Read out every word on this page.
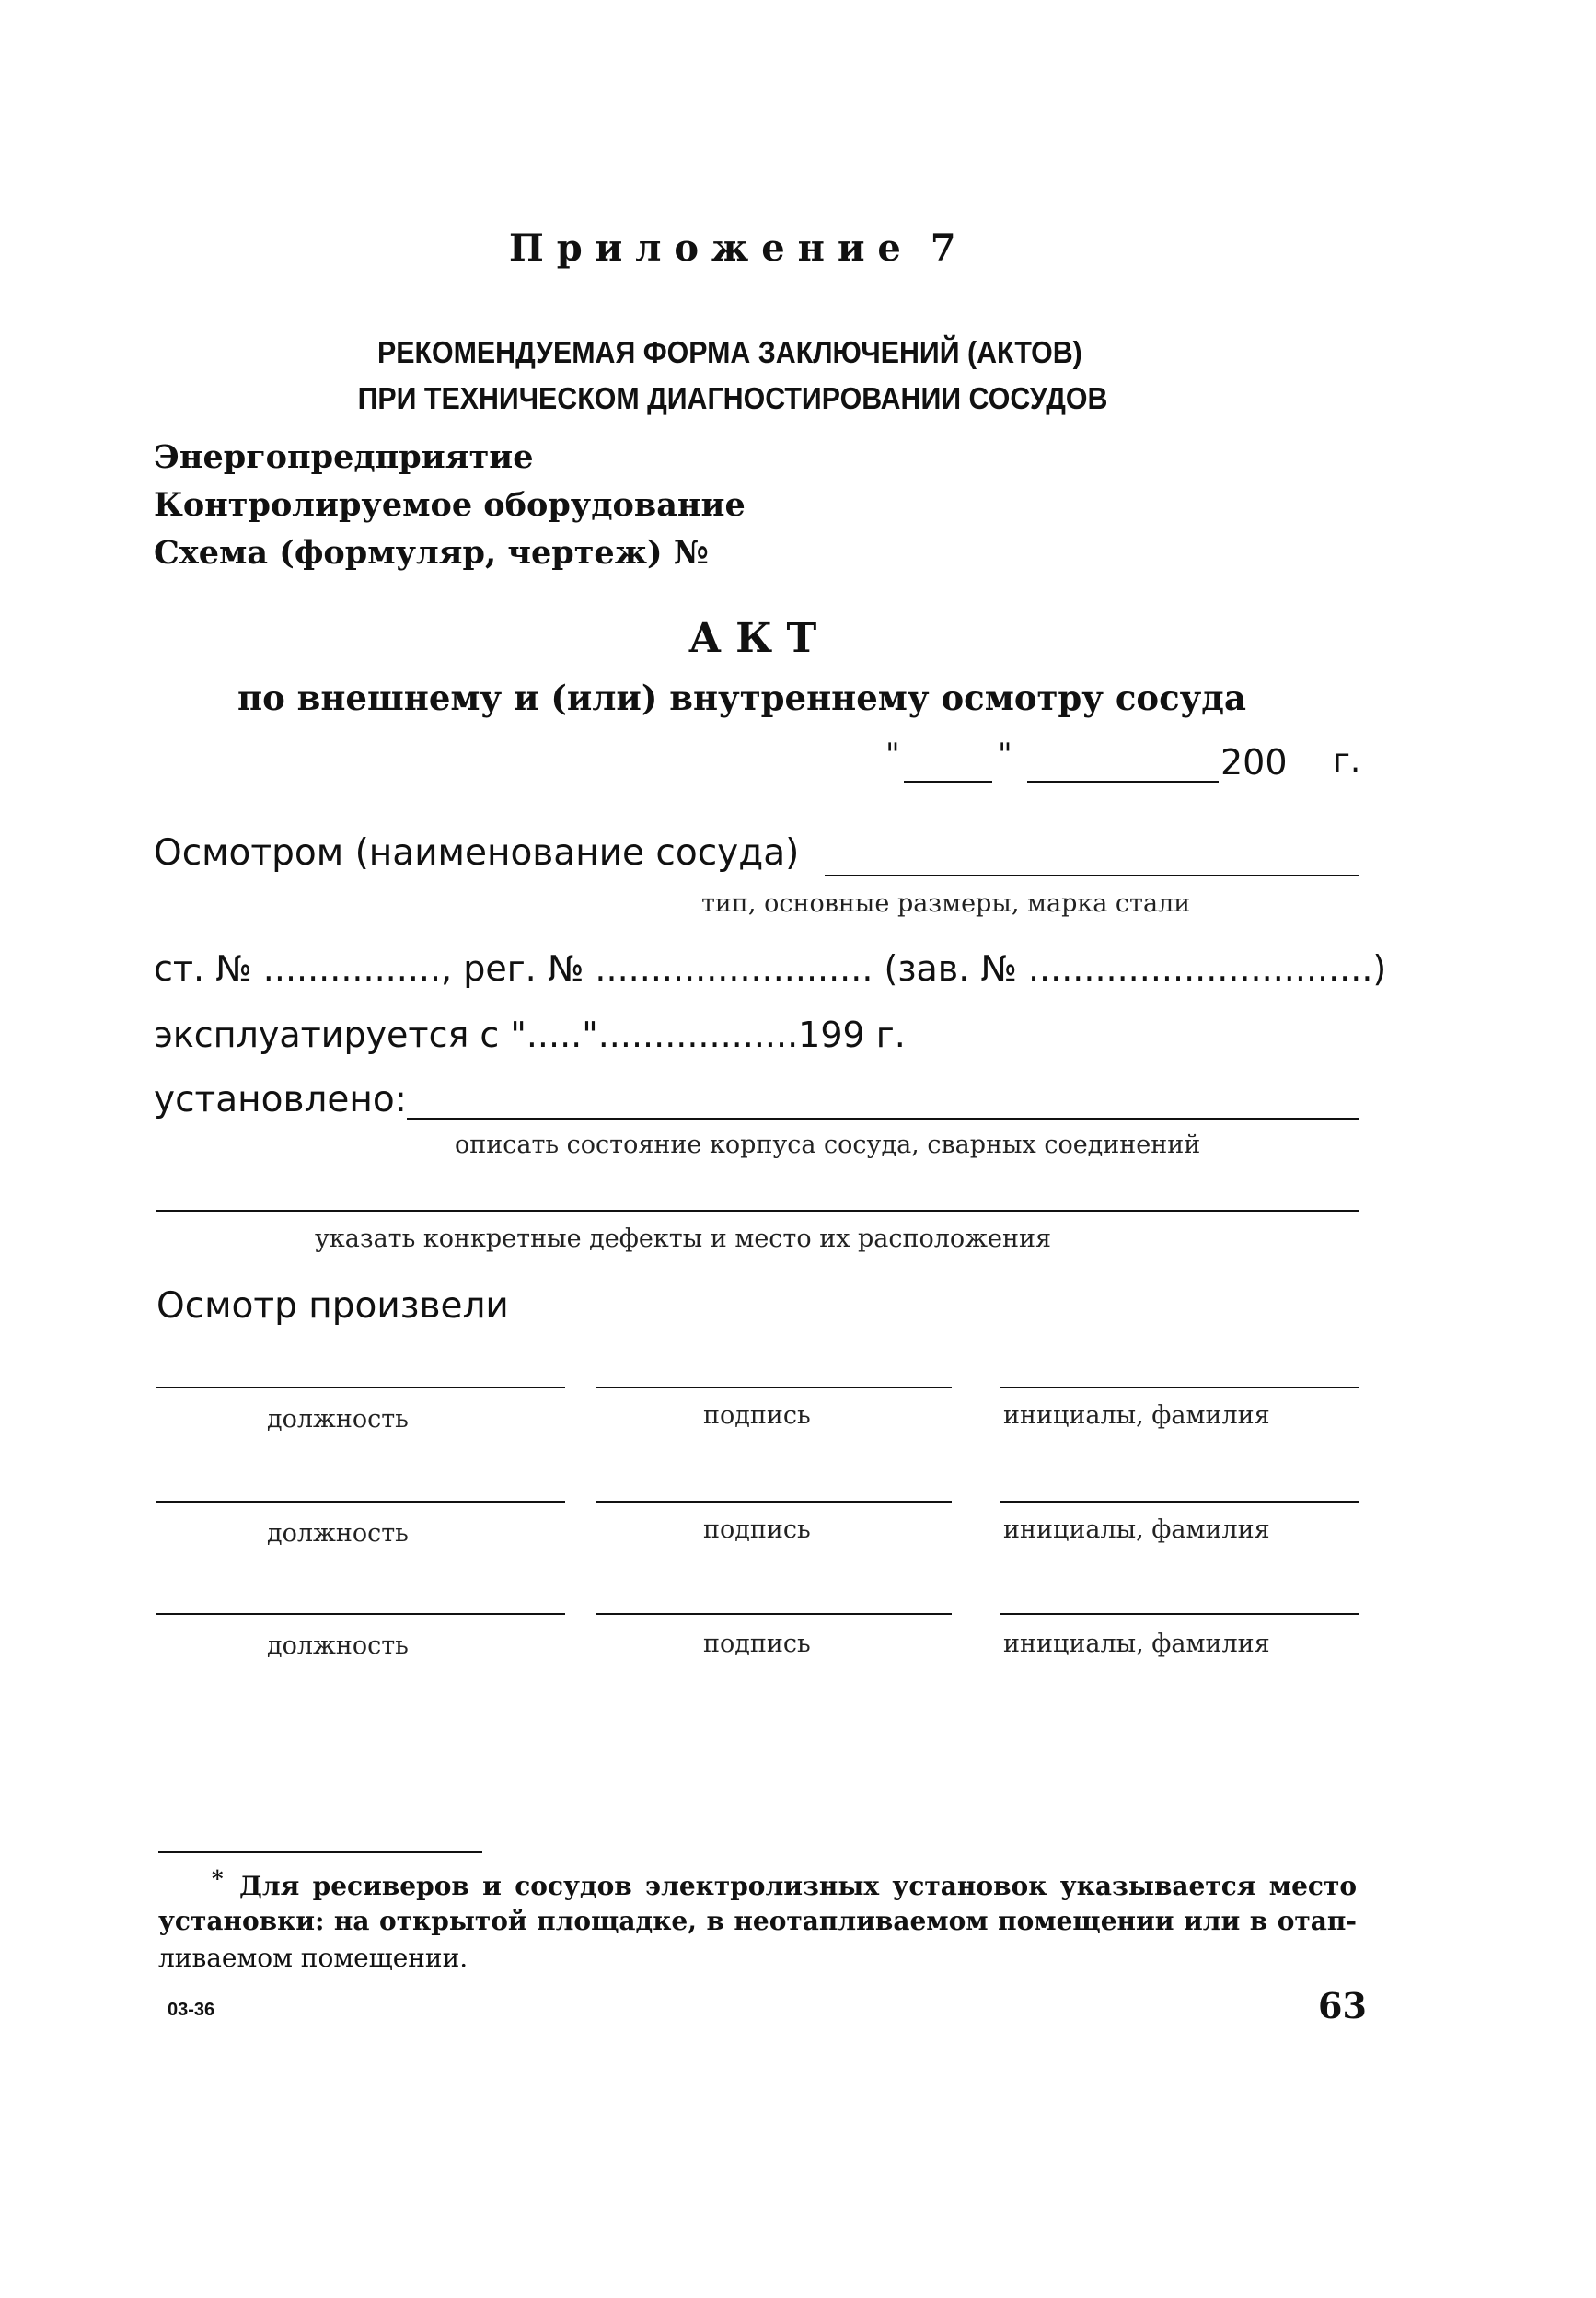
П р и л о ж е н и е 7
РЕКОМЕНДУЕМАЯ ФОРМА ЗАКЛЮЧЕНИЙ (АКТОВ)
ПРИ ТЕХНИЧЕСКОМ ДИАГНОСТИРОВАНИИ СОСУДОВ
Энергопредприятие
Контролируемое оборудование
Схема (формуляр, чертеж) №
А К Т
по внешнему и (или) внутреннему осмотру сосуда
"	"	200 г.
Осмотром (наименование сосуда)
тип, основные размеры, марка стали
ст. № ................, рег. № ......................... (зав. № ...............................)
эксплуатируется с "....."..................199 г.
установлено:
описать состояние корпуса сосуда, сварных соединений
указать конкретные дефекты и место их расположения
Осмотр произвели
должность	подпись	инициалы, фамилия
должность	подпись	инициалы, фамилия
должность	подпись	инициалы, фамилия
* Для ресиверов и сосудов электролизных установок указывается место
установки: на открытой площадке, в неотапливаемом помещении или в отап-
ливаемом помещении.
03-36	63
